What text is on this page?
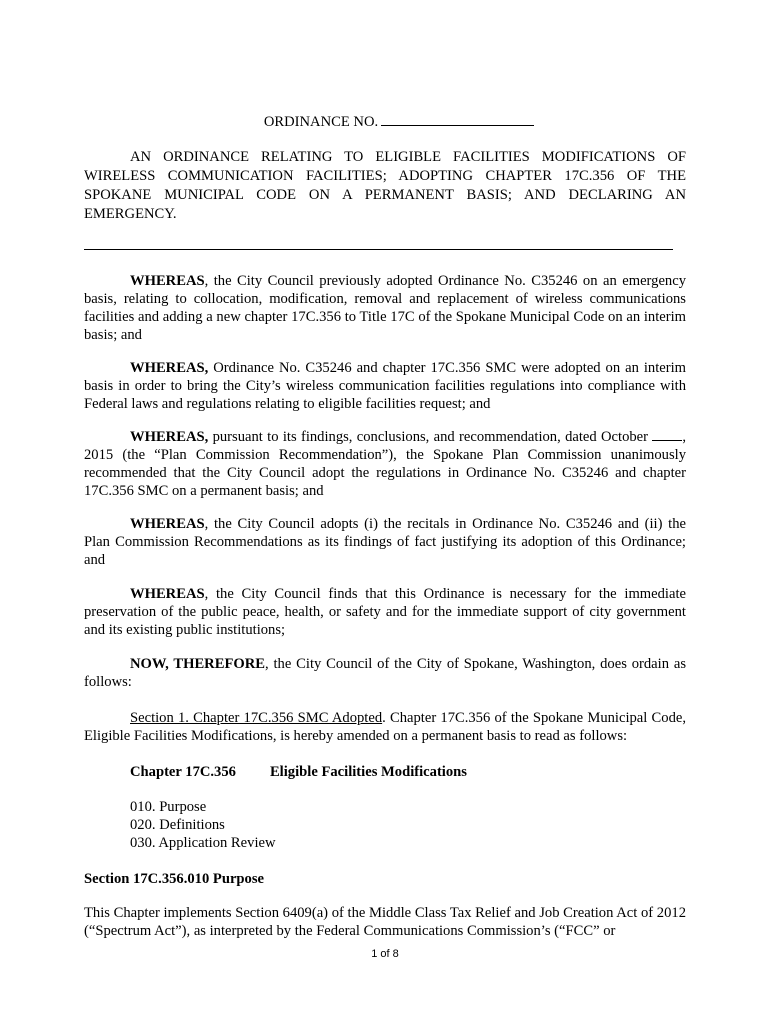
ORDINANCE NO.
AN ORDINANCE RELATING TO ELIGIBLE FACILITIES MODIFICATIONS OF WIRELESS COMMUNICATION FACILITIES; ADOPTING CHAPTER 17C.356 OF THE SPOKANE MUNICIPAL CODE ON A PERMANENT BASIS; AND DECLARING AN EMERGENCY.
WHEREAS, the City Council previously adopted Ordinance No. C35246 on an emergency basis, relating to collocation, modification, removal and replacement of wireless communications facilities and adding a new chapter 17C.356 to Title 17C of the Spokane Municipal Code on an interim basis; and
WHEREAS, Ordinance No. C35246 and chapter 17C.356 SMC were adopted on an interim basis in order to bring the City’s wireless communication facilities regulations into compliance with Federal laws and regulations relating to eligible facilities request; and
WHEREAS, pursuant to its findings, conclusions, and recommendation, dated October , 2015 (the “Plan Commission Recommendation”), the Spokane Plan Commission unanimously recommended that the City Council adopt the regulations in Ordinance No. C35246 and chapter 17C.356 SMC on a permanent basis; and
WHEREAS, the City Council adopts (i) the recitals in Ordinance No. C35246 and (ii) the Plan Commission Recommendations as its findings of fact justifying its adoption of this Ordinance; and
WHEREAS, the City Council finds that this Ordinance is necessary for the immediate preservation of the public peace, health, or safety and for the immediate support of city government and its existing public institutions;
NOW, THEREFORE, the City Council of the City of Spokane, Washington, does ordain as follows:
Section 1. Chapter 17C.356 SMC Adopted. Chapter 17C.356 of the Spokane Municipal Code, Eligible Facilities Modifications, is hereby amended on a permanent basis to read as follows:
Chapter 17C.356 Eligible Facilities Modifications
010. Purpose
020. Definitions
030. Application Review
Section 17C.356.010 Purpose
This Chapter implements Section 6409(a) of the Middle Class Tax Relief and Job Creation Act of 2012 (“Spectrum Act”), as interpreted by the Federal Communications Commission’s (“FCC” or
1 of 8
